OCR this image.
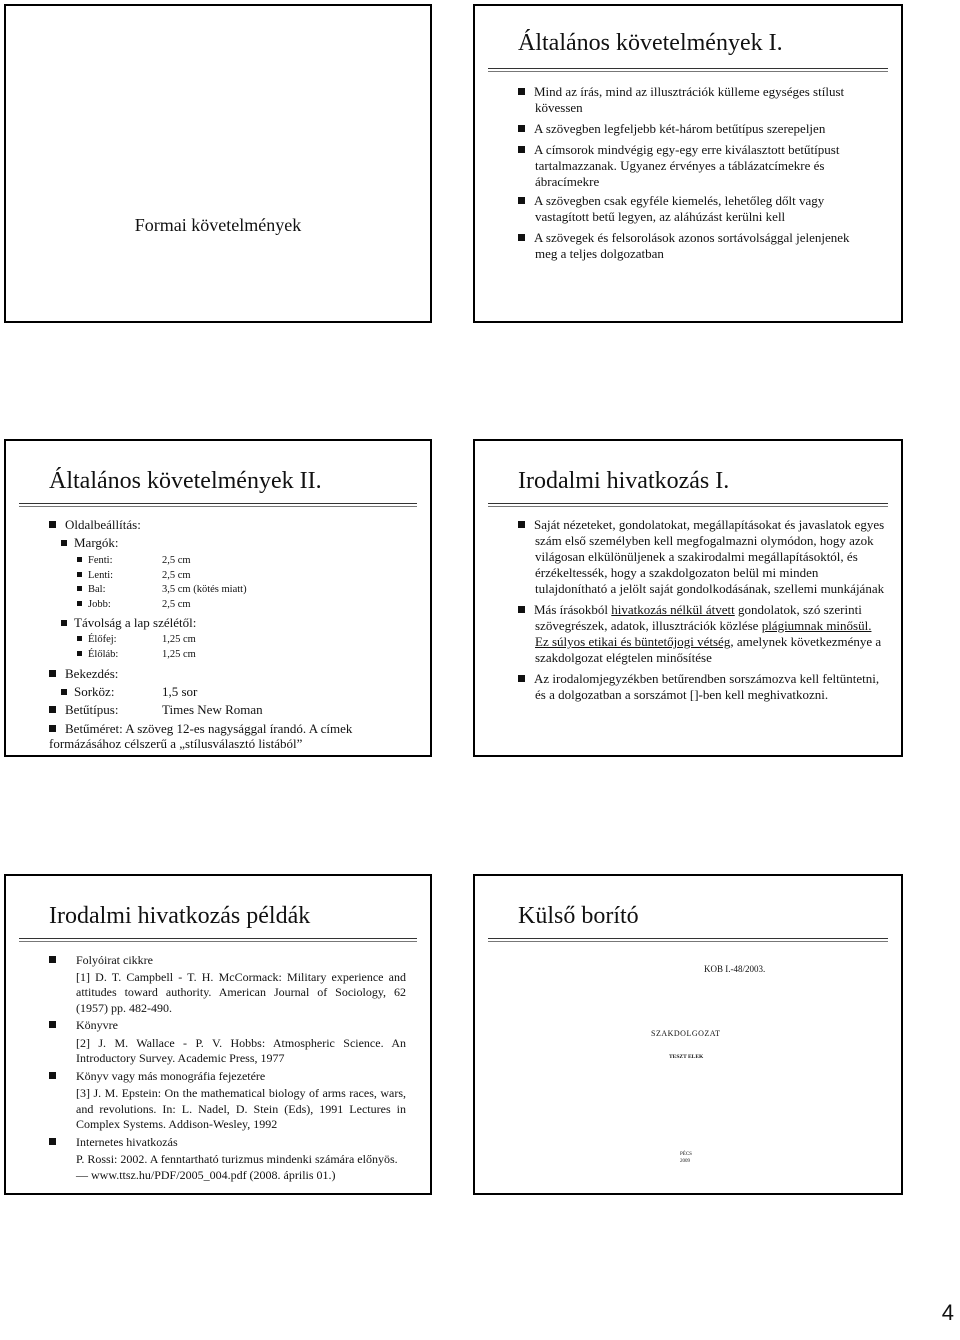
Formai követelmények
Általános követelmények I.
Mind az írás, mind az illusztrációk külleme egységes stílust kövessen
A szövegben legfeljebb két-három betűtípus szerepeljen
A címsorok mindvégig egy-egy erre kiválasztott betűtípust tartalmazzanak. Ugyanez érvényes a táblázatcímekre és ábracímekre
A szövegben csak egyféle kiemelés, lehetőleg dőlt vagy vastagított betű legyen, az aláhúzást kerülni kell
A szövegek és felsorolások azonos sortávolsággal jelenjenek meg a teljes dolgozatban
Általános követelmények II.
Oldalbeállítás:
Margók:
Fenti:	2,5 cm
Lenti:	2,5 cm
Bal:	3,5 cm (kötés miatt)
Jobb:	2,5 cm
Távolság a lap szélétől:
Élőfej:	1,25 cm
Élőláb:	1,25 cm
Bekezdés:
Sorköz:	1,5 sor
Betűtípus:	Times New Roman
Betűméret: A szöveg 12-es nagysággal írandó. A címek formázásához célszerű a „stílusválasztó listából”
Irodalmi hivatkozás I.
Saját nézeteket, gondolatokat, megállapításokat és javaslatok egyes szám első személyben kell megfogalmazni olymódon, hogy azok világosan elkülönüljenek a szakirodalmi megállapításoktól, és érzékeltessék, hogy a szakdolgozaton belül mi minden tulajdonítható a jelölt saját gondolkodásának, szellemi munkájának
Más írásokból hivatkozás nélkül átvett gondolatok, szó szerinti szövegrészek, adatok, illusztrációk közlése plágiumnak minősül.
Ez súlyos etikai és büntetőjogi vétség, amelynek következménye a szakdolgozat elégtelen minősítése
Az irodalomjegyzékben betűrendben sorszámozva kell feltüntetni, és a dolgozatban a sorszámot []-ben kell meghivatkozni.
Irodalmi hivatkozás példák
Folyóirat cikkre
[1] D. T. Campbell - T. H. McCormack: Military experience and attitudes toward authority. American Journal of Sociology, 62 (1957) pp. 482-490.
Könyvre
[2] J. M. Wallace - P. V. Hobbs: Atmospheric Science. An Introductory Survey. Academic Press, 1977
Könyv vagy más monográfia fejezetére
[3] J. M. Epstein: On the mathematical biology of arms races, wars, and revolutions. In: L. Nadel, D. Stein (Eds), 1991 Lectures in Complex Systems. Addison-Wesley, 1992
Internetes hivatkozás
P. Rossi: 2002. A fenntartható turizmus mindenki számára előnyös. — www.ttsz.hu/PDF/2005_004.pdf (2008. április 01.)
Külső borító
KOB I.-48/2003.
SZAKDOLGOZAT
TESZT ELEK
PÉCS
2009
4
